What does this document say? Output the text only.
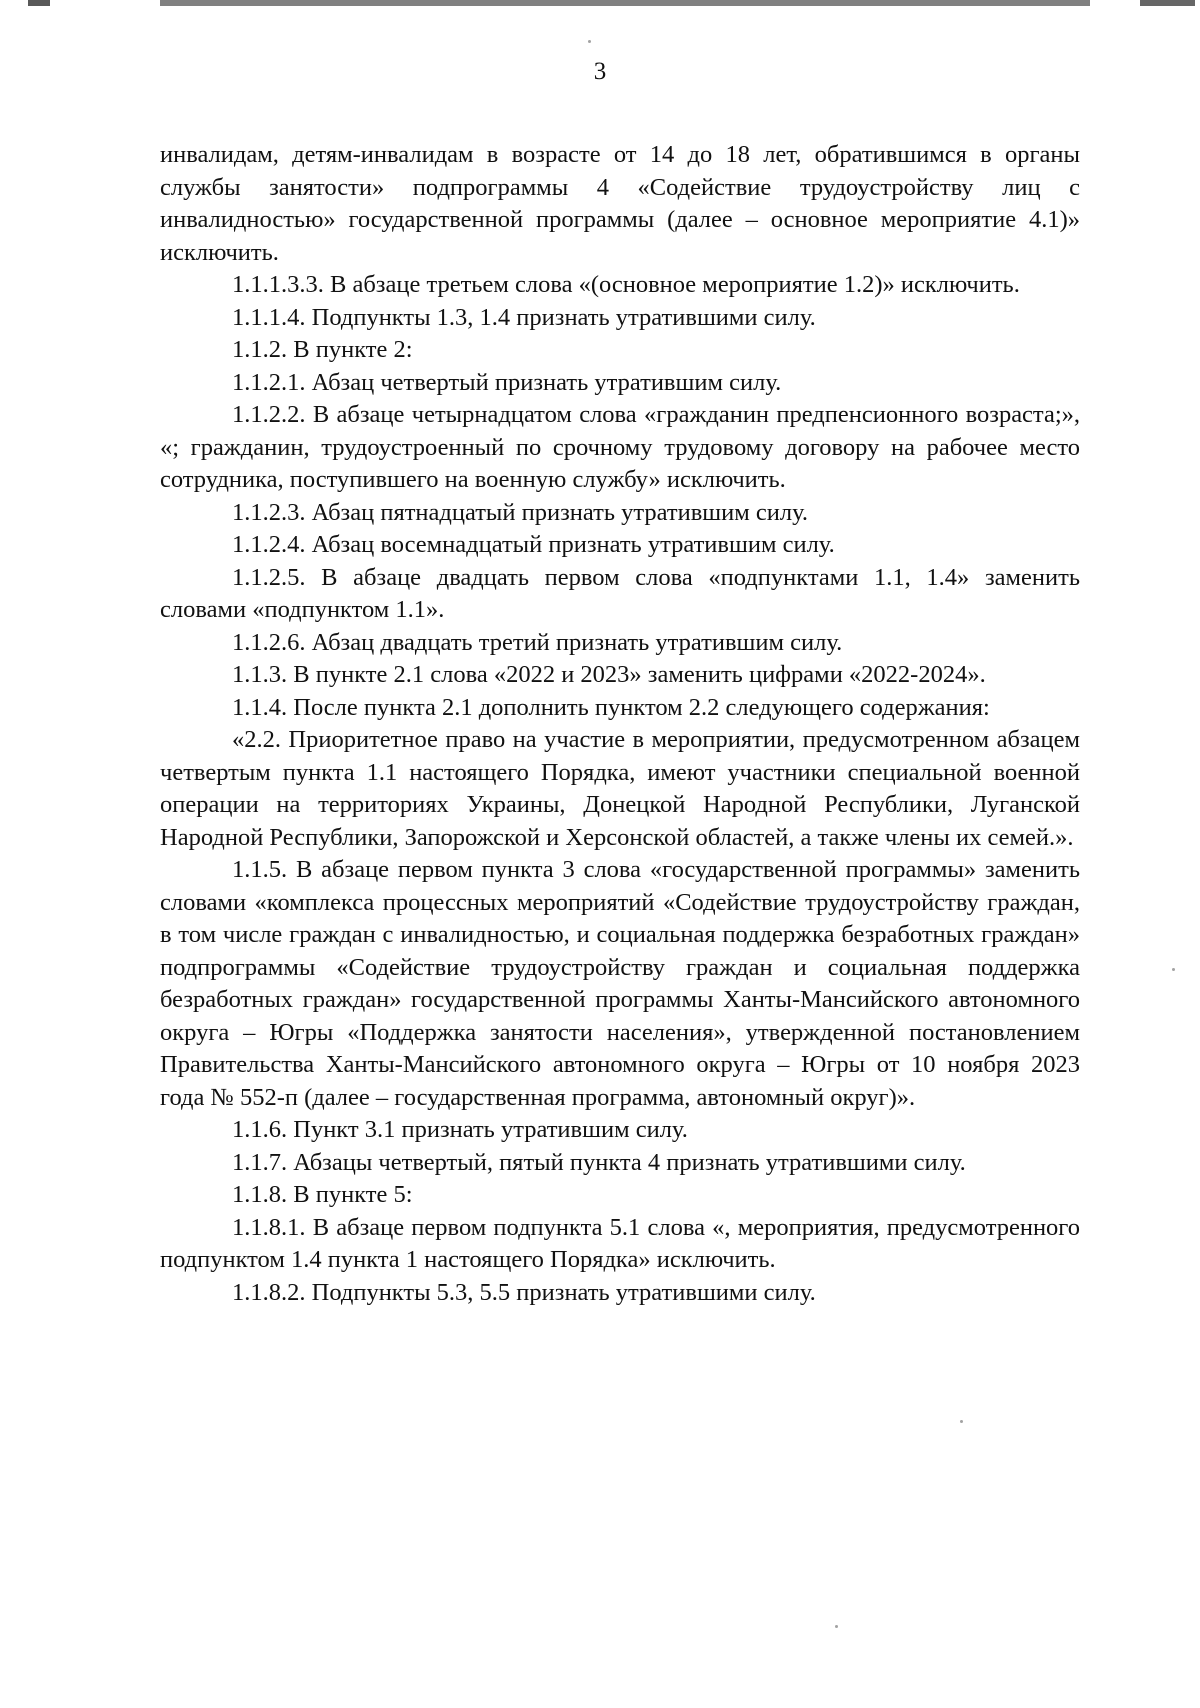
3

инвалидам, детям-инвалидам в возрасте от 14 до 18 лет, обратившимся в органы службы занятости» подпрограммы 4 «Содействие трудоустройству лиц с инвалидностью» государственной программы (далее – основное мероприятие 4.1)» исключить.

1.1.1.3.3. В абзаце третьем слова «(основное мероприятие 1.2)» исключить.

1.1.1.4. Подпункты 1.3, 1.4 признать утратившими силу.

1.1.2. В пункте 2:

1.1.2.1. Абзац четвертый признать утратившим силу.

1.1.2.2. В абзаце четырнадцатом слова «гражданин предпенсионного возраста;», «; гражданин, трудоустроенный по срочному трудовому договору на рабочее место сотрудника, поступившего на военную службу» исключить.

1.1.2.3. Абзац пятнадцатый признать утратившим силу.

1.1.2.4. Абзац восемнадцатый признать утратившим силу.

1.1.2.5. В абзаце двадцать первом слова «подпунктами 1.1, 1.4» заменить словами «подпунктом 1.1».

1.1.2.6. Абзац двадцать третий признать утратившим силу.

1.1.3. В пункте 2.1 слова «2022 и 2023» заменить цифрами «2022-2024».

1.1.4. После пункта 2.1 дополнить пунктом 2.2 следующего содержания:

«2.2. Приоритетное право на участие в мероприятии, предусмотренном абзацем четвертым пункта 1.1 настоящего Порядка, имеют участники специальной военной операции на территориях Украины, Донецкой Народной Республики, Луганской Народной Республики, Запорожской и Херсонской областей, а также члены их семей.».

1.1.5. В абзаце первом пункта 3 слова «государственной программы» заменить словами «комплекса процессных мероприятий «Содействие трудоустройству граждан, в том числе граждан с инвалидностью, и социальная поддержка безработных граждан» подпрограммы «Содействие трудоустройству граждан и социальная поддержка безработных граждан» государственной программы Ханты-Мансийского автономного округа – Югры «Поддержка занятости населения», утвержденной постановлением Правительства Ханты-Мансийского автономного округа – Югры от 10 ноября 2023 года № 552-п (далее – государственная программа, автономный округ)».

1.1.6. Пункт 3.1 признать утратившим силу.

1.1.7. Абзацы четвертый, пятый пункта 4 признать утратившими силу.

1.1.8. В пункте 5:

1.1.8.1. В абзаце первом подпункта 5.1 слова «, мероприятия, предусмотренного подпунктом 1.4 пункта 1 настоящего Порядка» исключить.

1.1.8.2. Подпункты 5.3, 5.5 признать утратившими силу.
